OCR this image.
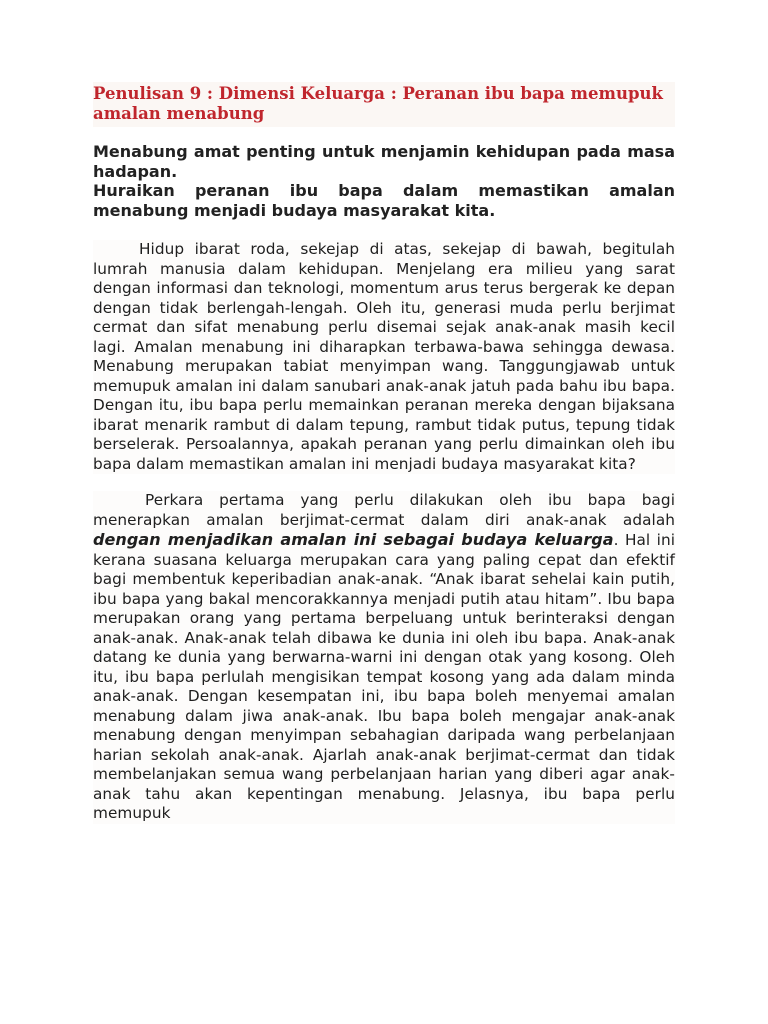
Penulisan 9 : Dimensi Keluarga : Peranan ibu bapa memupuk amalan menabung

Menabung amat penting untuk menjamin kehidupan pada masa hadapan.

Huraikan peranan ibu bapa dalam memastikan amalan menabung menjadi budaya masyarakat kita.

Hidup ibarat roda, sekejap di atas, sekejap di bawah, begitulah lumrah manusia dalam kehidupan. Menjelang era milieu yang sarat dengan informasi dan teknologi, momentum arus terus bergerak ke depan dengan tidak berlengah-lengah. Oleh itu, generasi muda perlu berjimat cermat dan sifat menabung perlu disemai sejak anak-anak masih kecil lagi. Amalan menabung ini diharapkan terbawa-bawa sehingga dewasa. Menabung merupakan tabiat menyimpan wang. Tanggungjawab untuk memupuk amalan ini dalam sanubari anak-anak jatuh pada bahu ibu bapa. Dengan itu, ibu bapa perlu memainkan peranan mereka dengan bijaksana ibarat menarik rambut di dalam tepung, rambut tidak putus, tepung tidak berselerak. Persoalannya, apakah peranan yang perlu dimainkan oleh ibu bapa dalam memastikan amalan ini menjadi budaya masyarakat kita?

Perkara pertama yang perlu dilakukan oleh ibu bapa bagi menerapkan amalan berjimat-cermat dalam diri anak-anak adalah dengan menjadikan amalan ini sebagai budaya keluarga. Hal ini kerana suasana keluarga merupakan cara yang paling cepat dan efektif bagi membentuk keperibadian anak-anak. “Anak ibarat sehelai kain putih, ibu bapa yang bakal mencorakkannya menjadi putih atau hitam”. Ibu bapa merupakan orang yang pertama berpeluang untuk berinteraksi dengan anak-anak. Anak-anak telah dibawa ke dunia ini oleh ibu bapa. Anak-anak datang ke dunia yang berwarna-warni ini dengan otak yang kosong. Oleh itu, ibu bapa perlulah mengisikan tempat kosong yang ada dalam minda anak-anak. Dengan kesempatan ini, ibu bapa boleh menyemai amalan menabung dalam jiwa anak-anak. Ibu bapa boleh mengajar anak-anak menabung dengan menyimpan sebahagian daripada wang perbelanjaan harian sekolah anak-anak. Ajarlah anak-anak berjimat-cermat dan tidak membelanjakan semua wang perbelanjaan harian yang diberi agar anak-anak tahu akan kepentingan menabung. Jelasnya, ibu bapa perlu memupuk
